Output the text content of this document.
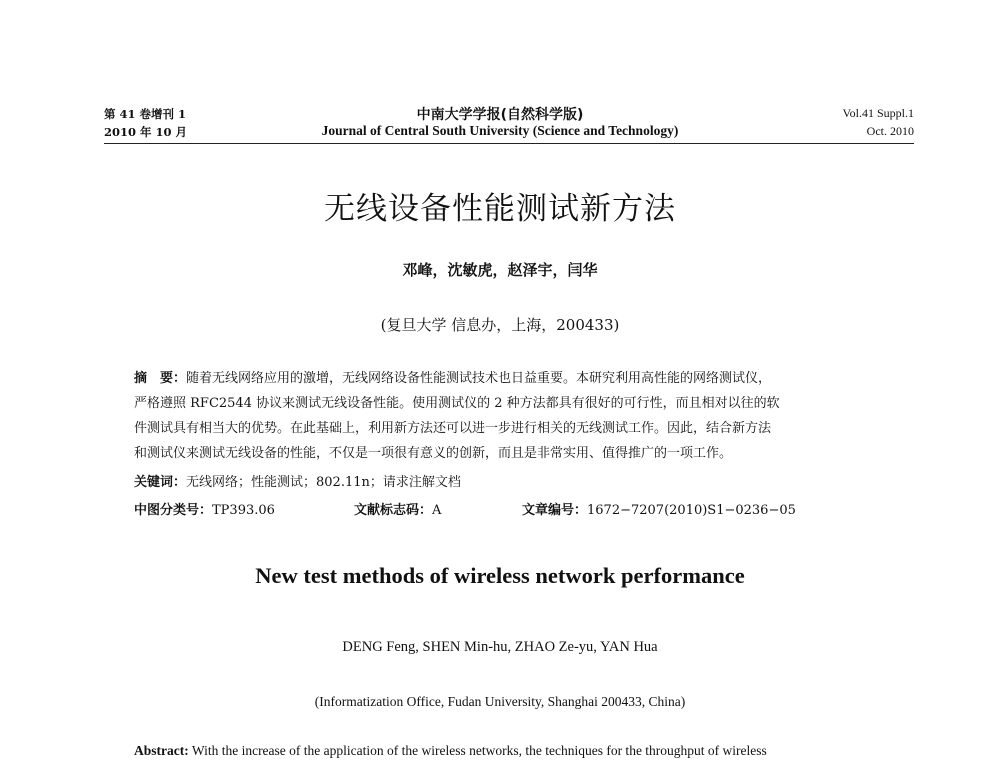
第 41 卷增刊 1
2010 年 10 月
中南大学学报(自然科学版)
Journal of Central South University (Science and Technology)
Vol.41 Suppl.1
Oct. 2010
无线设备性能测试新方法
邓峰，沈敏虎，赵泽宇，闫华
(复旦大学 信息办，上海，200433)
摘　要：随着无线网络应用的激增，无线网络设备性能测试技术也日益重要。本研究利用高性能的网络测试仪，
严格遵照 RFC2544 协议来测试无线设备性能。使用测试仪的 2 种方法都具有很好的可行性，而且相对以往的软
件测试具有相当大的优势。在此基础上，利用新方法还可以进一步进行相关的无线测试工作。因此，结合新方法
和测试仪来测试无线设备的性能，不仅是一项很有意义的创新，而且是非常实用、值得推广的一项工作。
关键词：无线网络；性能测试；802.11n；请求注解文档
中图分类号：TP393.06	文献标志码：A	文章编号：1672−7207(2010)S1−0236−05
New test methods of wireless network performance
DENG Feng, SHEN Min-hu, ZHAO Ze-yu, YAN Hua
(Informatization Office, Fudan University, Shanghai 200433, China)
Abstract: With the increase of the application of the wireless networks, the techniques for the throughput of wireless
